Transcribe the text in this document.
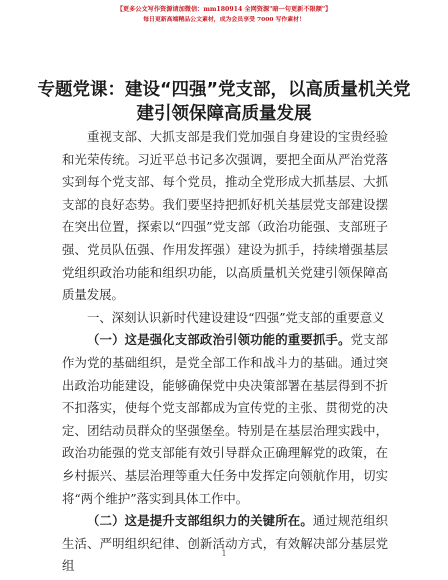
【更多公文写作资源请加微信：mm180914 全网资源"暗一句更新不限额"】
每日更新高端精品公文素材，成为会员享受 7000 写作素材！
专题党课：建设“四强”党支部，以高质量机关党建引领保障高质量发展

重视支部、大抓支部是我们党加强自身建设的宝贵经验和光荣传统。习近平总书记多次强调，要把全面从严治党落实到每个党支部、每个党员，推动全党形成大抓基层、大抓支部的良好态势。我们要坚持把抓好机关基层党支部建设摆在突出位置，探索以“四强”党支部（政治功能强、支部班子强、党员队伍强、作用发挥强）建设为抓手，持续增强基层党组织政治功能和组织功能，以高质量机关党建引领保障高质量发展。

一、深刻认识新时代建设建设“四强”党支部的重要意义

（一）这是强化支部政治引领功能的重要抓手。党支部作为党的基础组织，是党全部工作和战斗力的基础。通过突出政治功能建设，能够确保党中央决策部署在基层得到不折不扣落实，使每个党支部都成为宣传党的主张、贯彻党的决定、团结动员群众的坚强堡垒。特别是在基层治理实践中，政治功能强的党支部能有效引导群众正确理解党的政策，在乡村振兴、基层治理等重大任务中发挥定向领航作用，切实将“两个维护”落实到具体工作中。

（二）这是提升支部组织力的关键所在。通过规范组织生活、严明组织纪律、创新活动方式，有效解决部分基层党组

1
